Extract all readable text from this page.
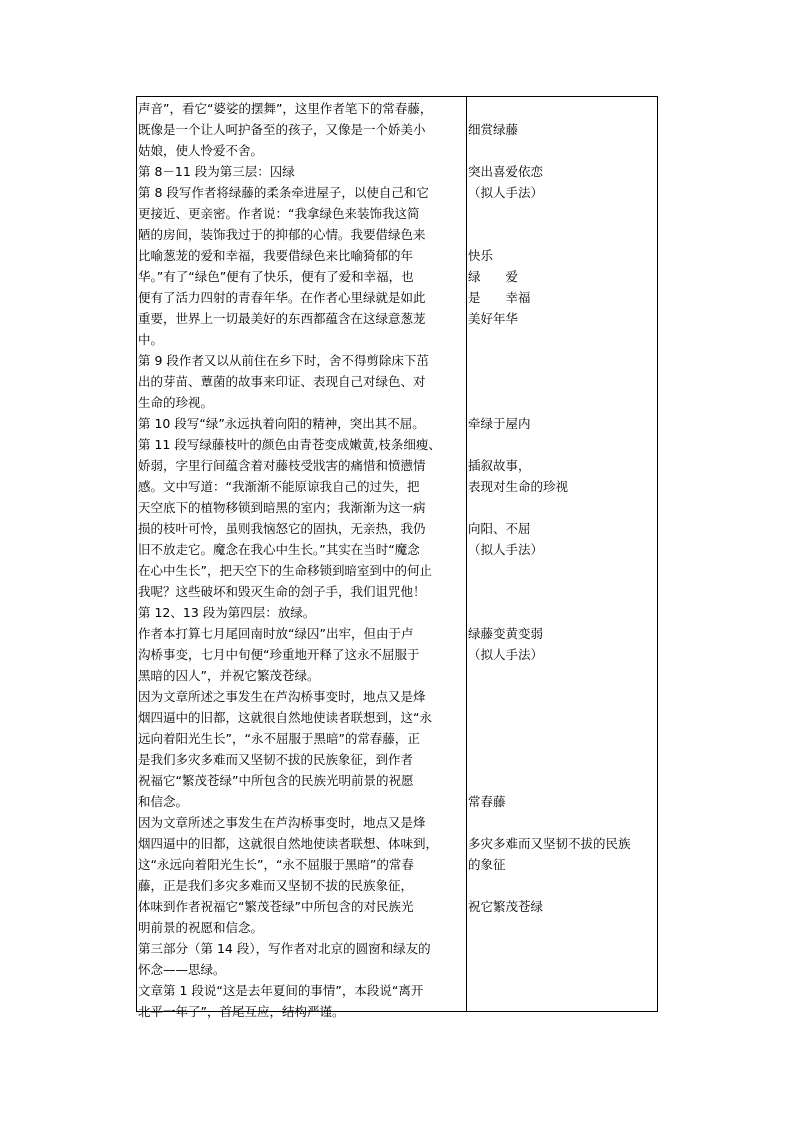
声音”，看它“婆娑的摆舞”，这里作者笔下的常春藤，
既像是一个让人呵护备至的孩子，又像是一个娇美小
姑娘，使人怜爱不舍。
第 8－11 段为第三层：囚绿
第 8 段写作者将绿藤的柔条牵进屋子，以使自己和它
更接近、更亲密。作者说：“我拿绿色来装饰我这简
陋的房间，装饰我过于的抑郁的心情。我要借绿色来
比喻葱茏的爱和幸福，我要借绿色来比喻猗郁的年
华。”有了“绿色”便有了快乐，便有了爱和幸福，也
便有了活力四射的青春年华。在作者心里绿就是如此
重要，世界上一切最美好的东西都蕴含在这绿意葱茏
中。
第 9 段作者又以从前住在乡下时，舍不得剪除床下茁
出的芽苗、蕈菌的故事来印证、表现自己对绿色、对
生命的珍视。
第 10 段写“绿”永远执着向阳的精神，突出其不屈。
第 11 段写绿藤枝叶的颜色由青苍变成嫩黄,枝条细瘦、
娇弱，字里行间蕴含着对藤枝受戕害的痛惜和愤懑情
感。文中写道：“我渐渐不能原谅我自己的过失，把
天空底下的植物移锁到暗黑的室内；我渐渐为这一病
损的枝叶可怜，虽则我恼怒它的固执，无亲热，我仍
旧不放走它。魔念在我心中生长。”其实在当时“魔念
在心中生长”，把天空下的生命移锁到暗室到中的何止
我呢？这些破坏和毁灭生命的刽子手，我们诅咒他！
第 12、13 段为第四层：放绿。
作者本打算七月尾回南时放“绿囚”出牢，但由于卢
沟桥事变，七月中旬便“珍重地开释了这永不屈服于
黑暗的囚人”，并祝它繁茂苍绿。
因为文章所述之事发生在芦沟桥事变时，地点又是烽
烟四逼中的旧都，这就很自然地使读者联想到，这“永
远向着阳光生长”，“永不屈服于黑暗”的常春藤，正
是我们多灾多难而又坚韧不拔的民族象征，到作者
祝福它“繁茂苍绿”中所包含的民族光明前景的祝愿
和信念。
因为文章所述之事发生在芦沟桥事变时，地点又是烽
烟四逼中的旧都，这就很自然地使读者联想、体味到，
这“永远向着阳光生长”，“永不屈服于黑暗”的常春
藤，正是我们多灾多难而又坚韧不拔的民族象征，
体味到作者祝福它“繁茂苍绿”中所包含的对民族光
明前景的祝愿和信念。
第三部分（第 14 段），写作者对北京的圆窗和绿友的
怀念——思绿。
文章第 1 段说“这是去年夏间的事情”，本段说“离开
北平一年了”，首尾互应，结构严谨。
细赏绿藤
突出喜爱依恋
（拟人手法）
快乐
绿　　爱
是　　幸福
美好年华
牵绿于屋内
插叙故事，
表现对生命的珍视
向阳、不屈
（拟人手法）
绿藤变黄变弱
（拟人手法）
常春藤
多灾多难而又坚韧不拔的民族
的象征
祝它繁茂苍绿
